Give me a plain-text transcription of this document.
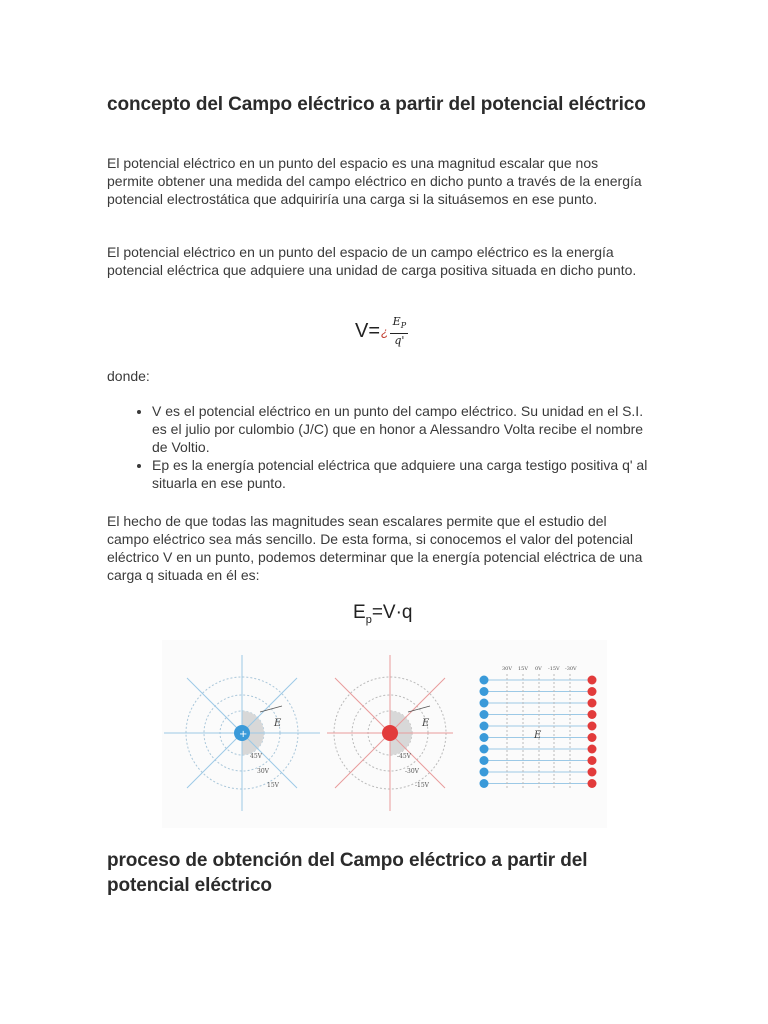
concepto del Campo eléctrico a partir del potencial eléctrico

El potencial eléctrico en un punto del espacio es una magnitud escalar que nos permite obtener una medida del campo eléctrico en dicho punto a través de la energía potencial electrostática que adquiriría una carga si la situásemos en ese punto.

El potencial eléctrico en un punto del espacio de un campo eléctrico es la energía potencial eléctrica que adquiere una unidad de carga positiva situada en dicho punto.

V= ¿ $\frac{E_P}{q'}$

donde:

• V es el potencial eléctrico en un punto del campo eléctrico. Su unidad en el S.I. es el julio por culombio (J/C) que en honor a Alessandro Volta recibe el nombre de Voltio.
• Ep es la energía potencial eléctrica que adquiere una carga testigo positiva q' al situarla en ese punto.

El hecho de que todas las magnitudes sean escalares permite que el estudio del campo eléctrico sea más sencillo. De esta forma, si conocemos el valor del potencial eléctrico V en un punto, podemos determinar que la energía potencial eléctrica de una carga q situada en él es:

$E_p=V\cdot q$
+
E
45V
30V
15V
E
-45V
-30V
-15V
30V 15V 0V -15V -30V
E
proceso de obtención del Campo eléctrico a partir del potencial eléctrico
